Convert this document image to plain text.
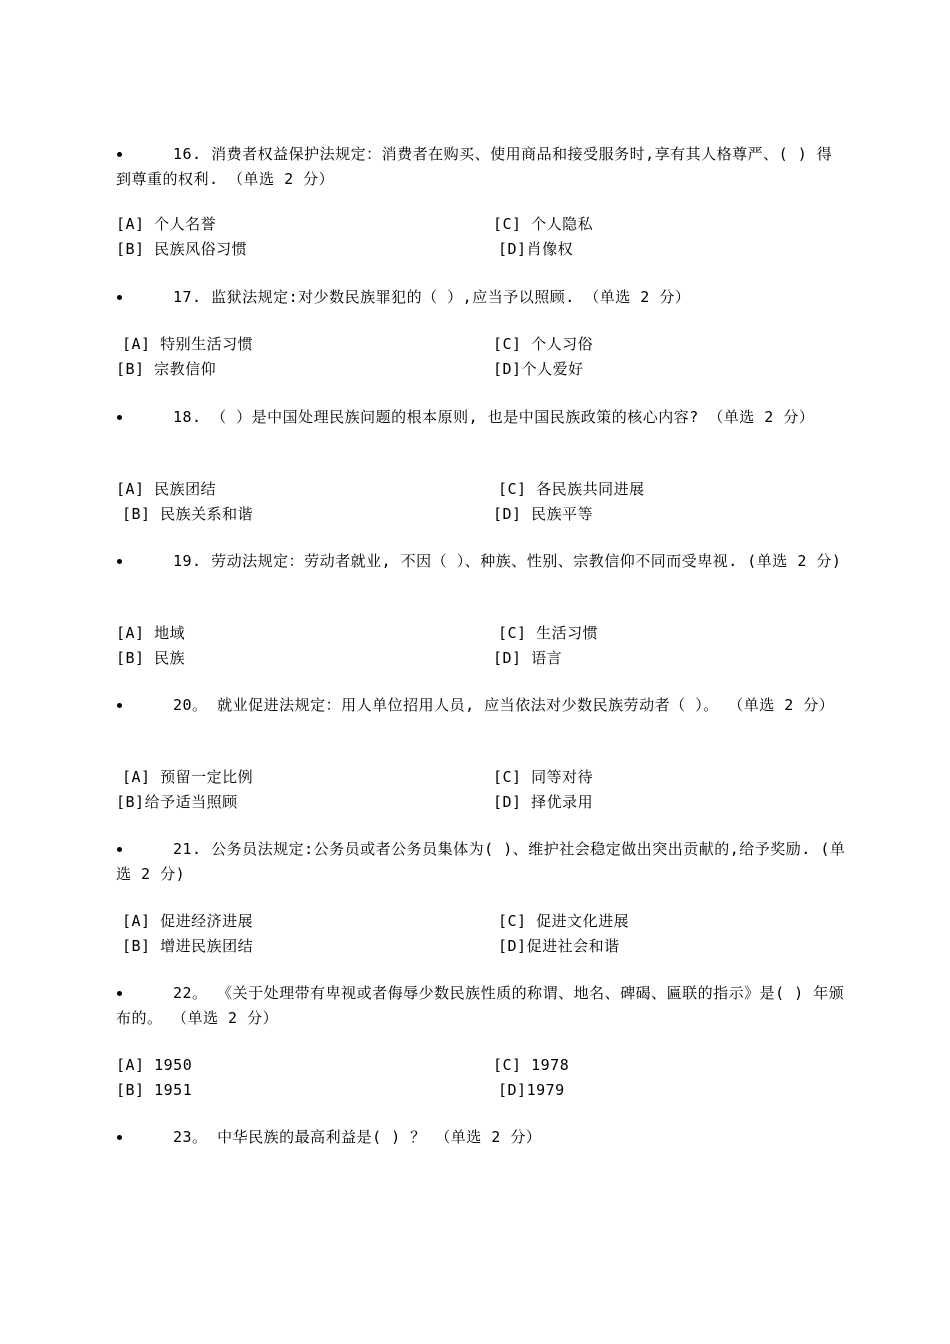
16. 消费者权益保护法规定：消费者在购买、使用商品和接受服务时,享有其人格尊严、( ) 得到尊重的权利. （单选 2 分）
[A] 个人名誉
[B] 民族风俗习惯
[C] 个人隐私
[D]肖像权
17. 监狱法规定:对少数民族罪犯的（ ）,应当予以照顾. （单选 2 分）
[A] 特别生活习惯
[B] 宗教信仰
[C] 个人习俗
[D]个人爱好
18. （ ）是中国处理民族问题的根本原则, 也是中国民族政策的核心内容? （单选 2 分）
[A] 民族团结
[B] 民族关系和谐
[C] 各民族共同进展
[D] 民族平等
19. 劳动法规定：劳动者就业, 不因（ ）、种族、性别、宗教信仰不同而受卑视. (单选 2 分)
[A] 地域
[B] 民族
[C] 生活习惯
[D] 语言
20。 就业促进法规定：用人单位招用人员, 应当依法对少数民族劳动者（ ）。 （单选 2 分）
[A] 预留一定比例
[B]给予适当照顾
[C] 同等对待
[D] 择优录用
21. 公务员法规定:公务员或者公务员集体为( )、维护社会稳定做出突出贡献的,给予奖励. (单选 2 分)
[A] 促进经济进展
[B] 增进民族团结
[C] 促进文化进展
[D]促进社会和谐
22。 《关于处理带有卑视或者侮辱少数民族性质的称谓、地名、碑碣、匾联的指示》是( ) 年颁布的。 （单选 2 分）
[A] 1950
[B] 1951
[C] 1978
[D]1979
23。 中华民族的最高利益是( ) ？ （单选 2 分）
